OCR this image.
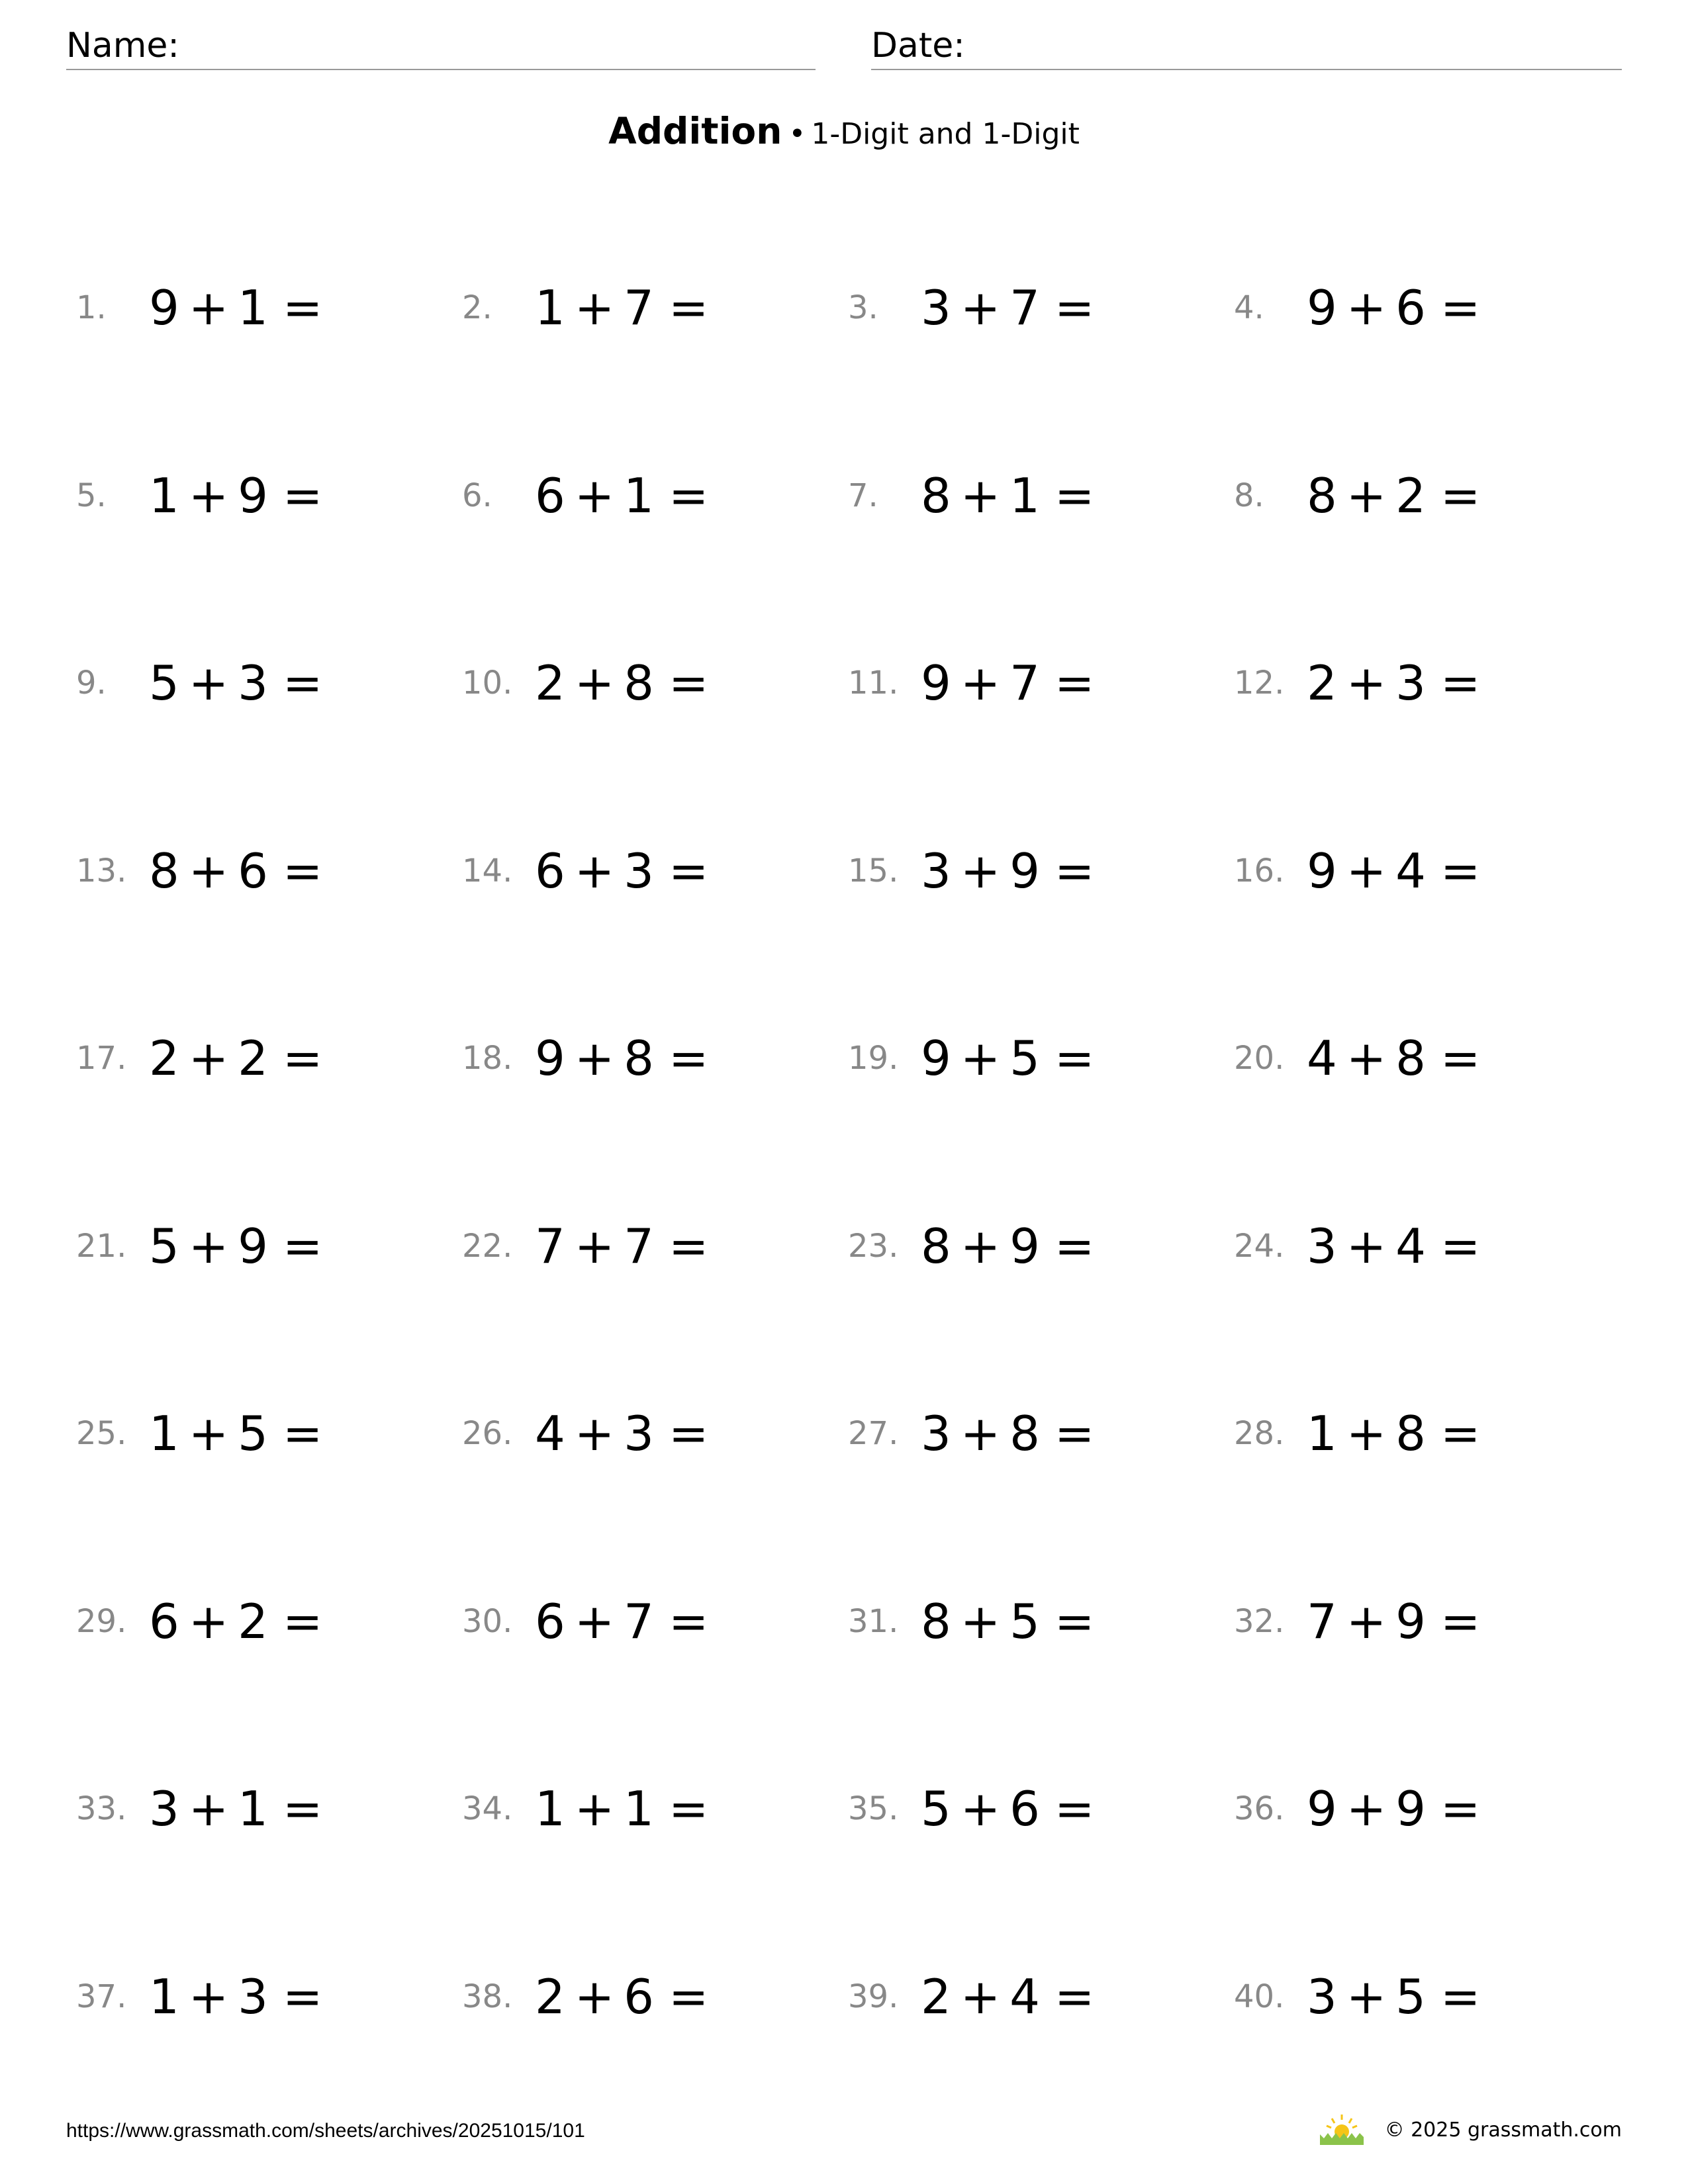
Name:	Date:
Addition • 1-Digit and 1-Digit
1. 9 + 1 =	2. 1 + 7 =	3. 3 + 7 =	4. 9 + 6 =
5. 1 + 9 =	6. 6 + 1 =	7. 8 + 1 =	8. 8 + 2 =
9. 5 + 3 =	10. 2 + 8 =	11. 9 + 7 =	12. 2 + 3 =
13. 8 + 6 =	14. 6 + 3 =	15. 3 + 9 =	16. 9 + 4 =
17. 2 + 2 =	18. 9 + 8 =	19. 9 + 5 =	20. 4 + 8 =
21. 5 + 9 =	22. 7 + 7 =	23. 8 + 9 =	24. 3 + 4 =
25. 1 + 5 =	26. 4 + 3 =	27. 3 + 8 =	28. 1 + 8 =
29. 6 + 2 =	30. 6 + 7 =	31. 8 + 5 =	32. 7 + 9 =
33. 3 + 1 =	34. 1 + 1 =	35. 5 + 6 =	36. 9 + 9 =
37. 1 + 3 =	38. 2 + 6 =	39. 2 + 4 =	40. 3 + 5 =
https://www.grassmath.com/sheets/archives/20251015/101	© 2025 grassmath.com
